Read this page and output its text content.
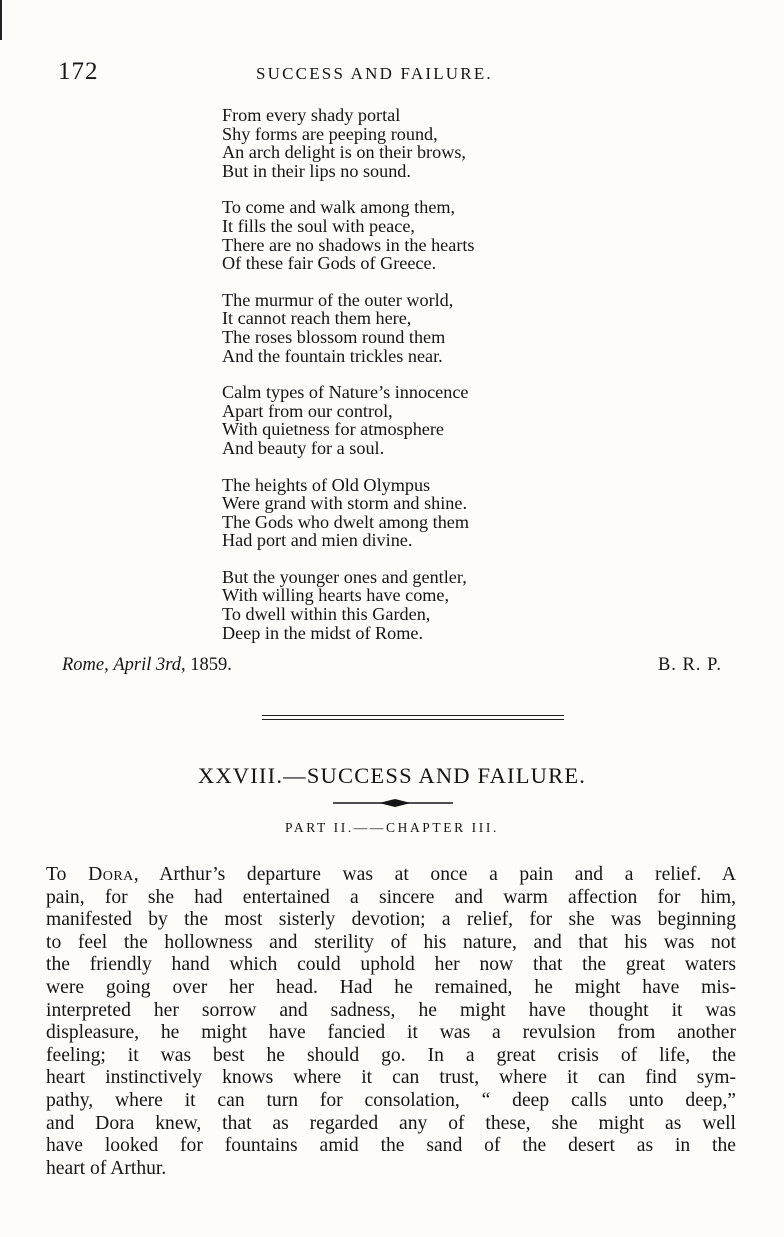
172	SUCCESS AND FAILURE.
From every shady portal
Shy forms are peeping round,
An arch delight is on their brows,
But in their lips no sound.
To come and walk among them,
It fills the soul with peace,
There are no shadows in the hearts
Of these fair Gods of Greece.
The murmur of the outer world,
It cannot reach them here,
The roses blossom round them
And the fountain trickles near.
Calm types of Nature’s innocence
Apart from our control,
With quietness for atmosphere
And beauty for a soul.
The heights of Old Olympus
Were grand with storm and shine.
The Gods who dwelt among them
Had port and mien divine.
But the younger ones and gentler,
With willing hearts have come,
To dwell within this Garden,
Deep in the midst of Rome.
Rome, April 3rd, 1859.	B. R. P.
XXVIII.—SUCCESS AND FAILURE.
PART II.——CHAPTER III.
To Dora, Arthur’s departure was at once a pain and a relief. A
pain, for she had entertained a sincere and warm affection for him,
manifested by the most sisterly devotion; a relief, for she was beginning
to feel the hollowness and sterility of his nature, and that his was not
the friendly hand which could uphold her now that the great waters
were going over her head. Had he remained, he might have mis-
interpreted her sorrow and sadness, he might have thought it was
displeasure, he might have fancied it was a revulsion from another
feeling; it was best he should go. In a great crisis of life, the
heart instinctively knows where it can trust, where it can find sym-
pathy, where it can turn for consolation, “ deep calls unto deep,”
and Dora knew, that as regarded any of these, she might as well
have looked for fountains amid the sand of the desert as in the
heart of Arthur.
